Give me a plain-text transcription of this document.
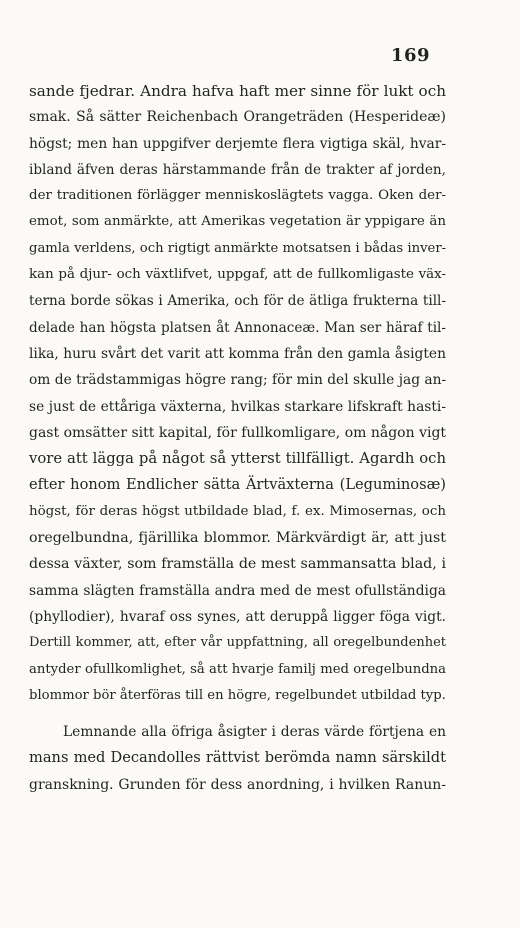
169
sande fjedrar. Andra hafva haft mer sinne för lukt och
smak. Så sätter Reichenbach Orangeträden (Hesperideæ)
högst; men han uppgifver derjemte flera vigtiga skäl, hvar-
ibland äfven deras härstammande från de trakter af jorden,
der traditionen förlägger menniskoslägtets vagga. Oken der-
emot, som anmärkte, att Amerikas vegetation är yppigare än
gamla verldens, och rigtigt anmärkte motsatsen i bådas inver-
kan på djur- och växtlifvet, uppgaf, att de fullkomligaste väx-
terna borde sökas i Amerika, och för de ätliga frukterna till-
delade han högsta platsen åt Annonaceæ. Man ser häraf til-
lika, huru svårt det varit att komma från den gamla åsigten
om de trädstammigas högre rang; för min del skulle jag an-
se just de ettåriga växterna, hvilkas starkare lifskraft hasti-
gast omsätter sitt kapital, för fullkomligare, om någon vigt
vore att lägga på något så ytterst tillfälligt. Agardh och
efter honom Endlicher sätta Ärtväxterna (Leguminosæ)
högst, för deras högst utbildade blad, f. ex. Mimosernas, och
oregelbundna, fjärillika blommor. Märkvärdigt är, att just
dessa växter, som framställa de mest sammansatta blad, i
samma slägten framställa andra med de mest ofullständiga
(phyllodier), hvaraf oss synes, att deruppå ligger föga vigt.
Dertill kommer, att, efter vår uppfattning, all oregelbundenhet
antyder ofullkomlighet, så att hvarje familj med oregelbundna
blommor bör återföras till en högre, regelbundet utbildad typ.
Lemnande alla öfriga åsigter i deras värde förtjena en
mans med Decandolles rättvist berömda namn särskildt
granskning. Grunden för dess anordning, i hvilken Ranun-
